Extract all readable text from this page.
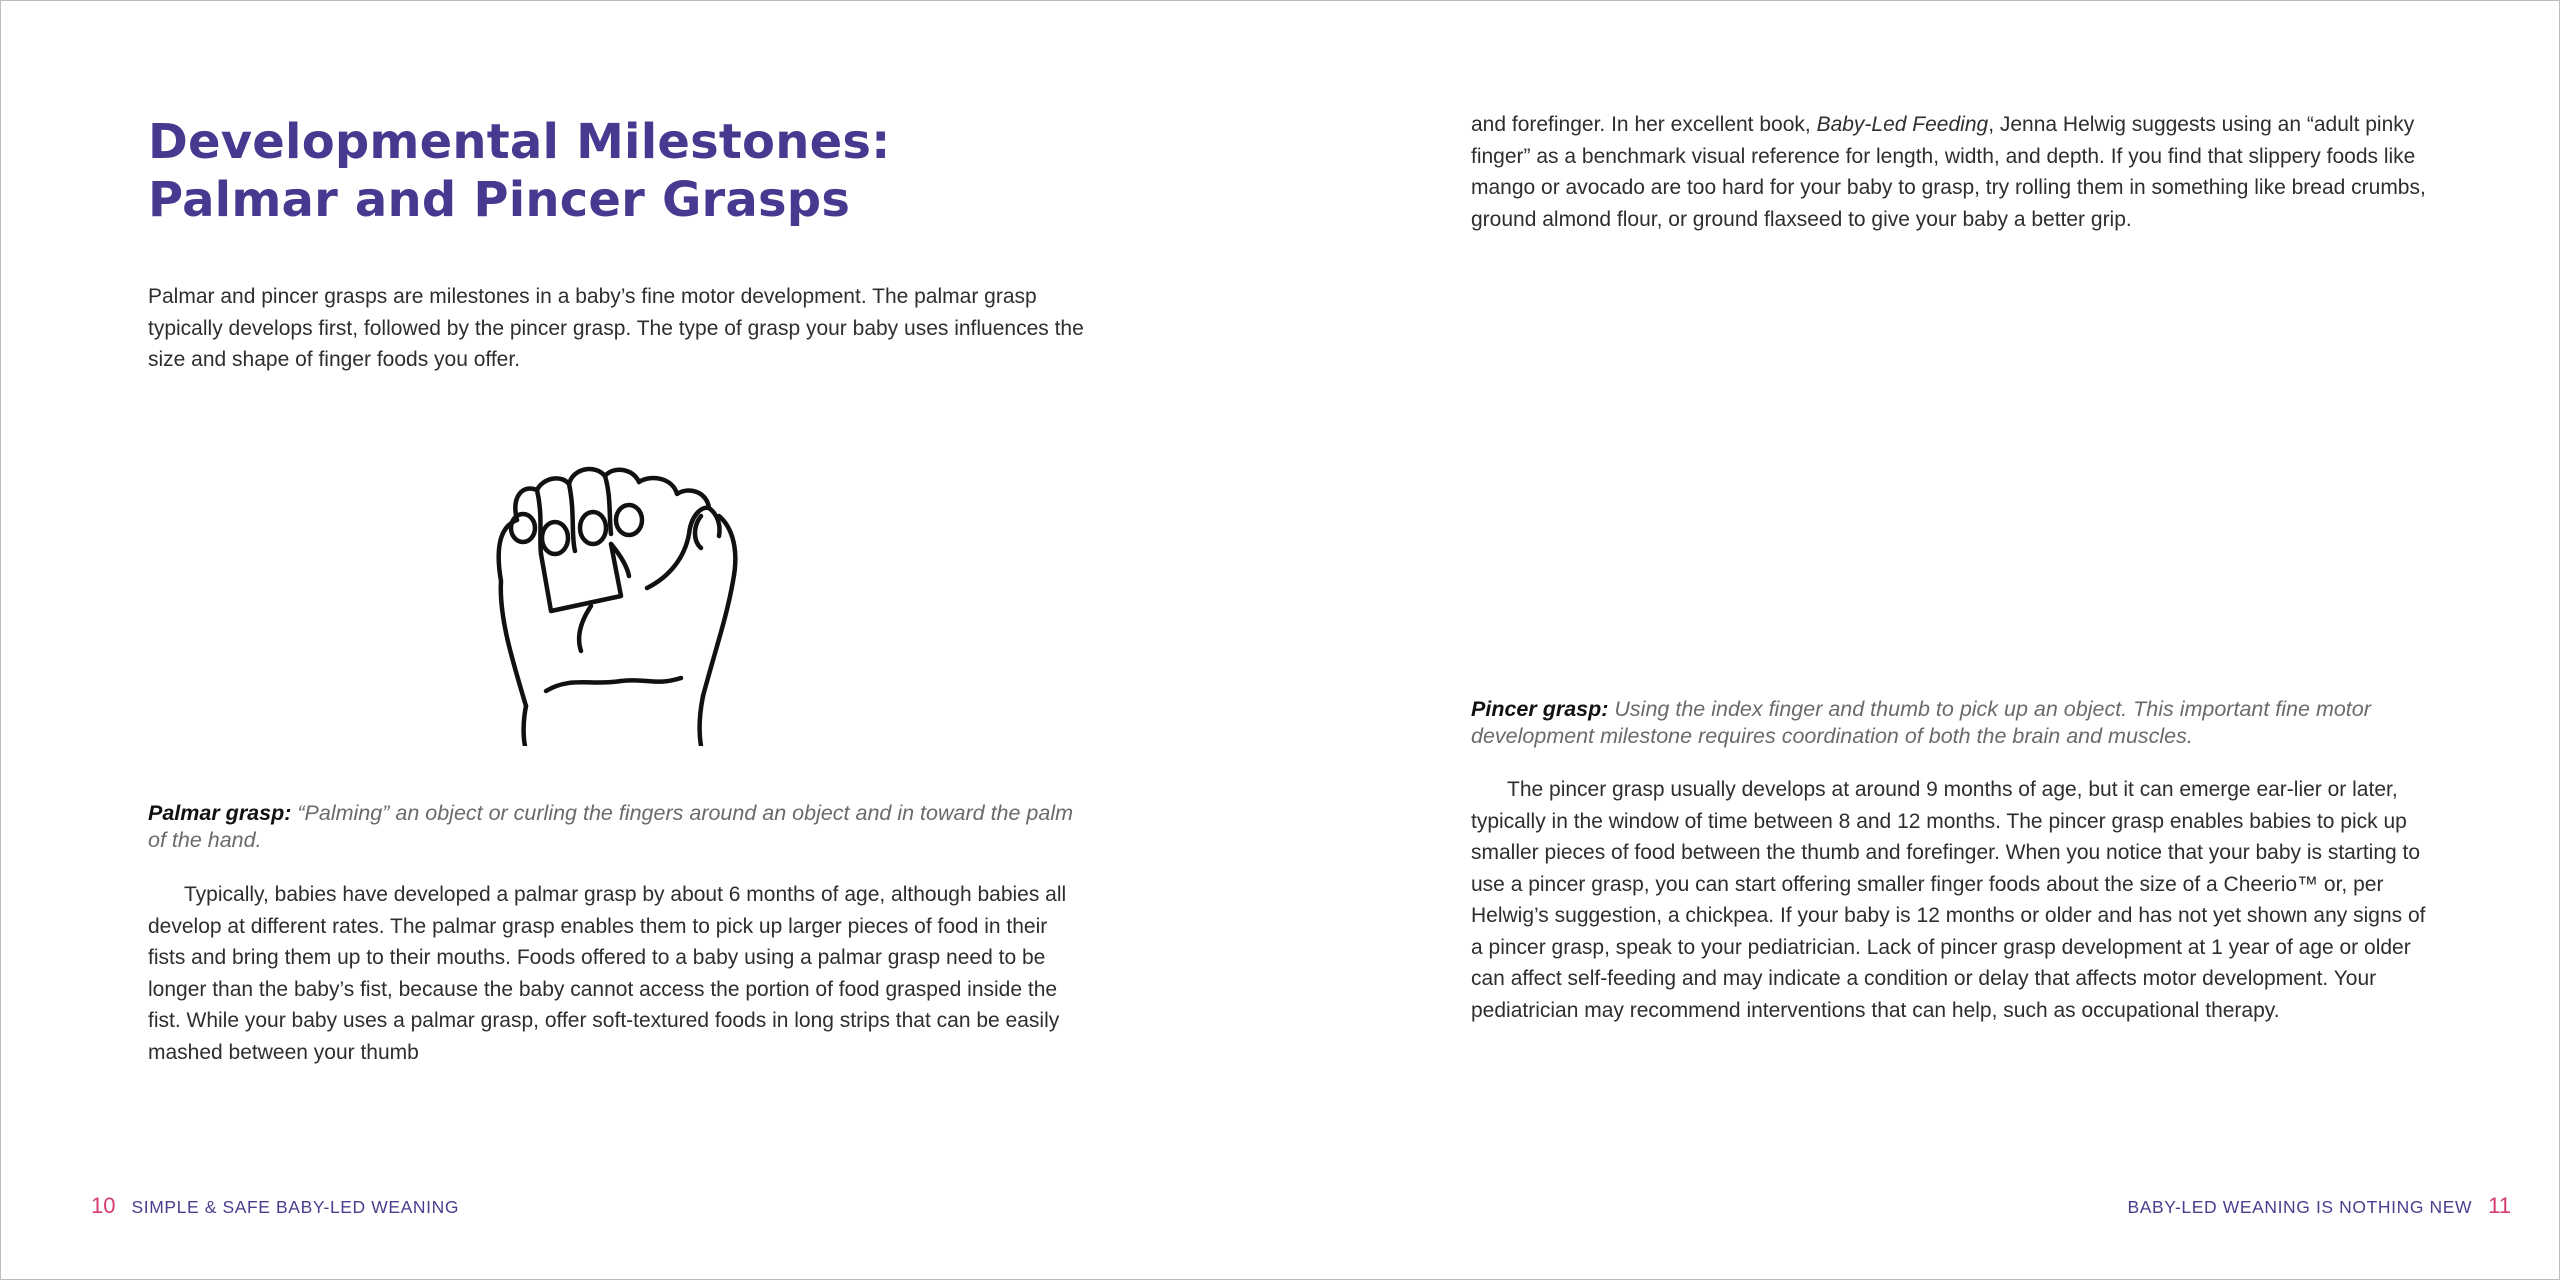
Developmental Milestones:
Palmar and Pincer Grasps

Palmar and pincer grasps are milestones in a baby’s fine motor development. The palmar grasp typically develops first, followed by the pincer grasp. The type of grasp your baby uses influences the size and shape of finger foods you offer.

Palmar grasp: “Palming” an object or curling the fingers around an object and in toward the palm of the hand.

Typically, babies have developed a palmar grasp by about 6 months of age, although babies all develop at different rates. The palmar grasp enables them to pick up larger pieces of food in their fists and bring them up to their mouths. Foods offered to a baby using a palmar grasp need to be longer than the baby’s fist, because the baby cannot access the portion of food grasped inside the fist. While your baby uses a palmar grasp, offer soft-textured foods in long strips that can be easily mashed between your thumb

10 SIMPLE & SAFE BABY-LED WEANING

and forefinger. In her excellent book, Baby-Led Feeding, Jenna Helwig suggests using an “adult pinky finger” as a benchmark visual reference for length, width, and depth. If you find that slippery foods like mango or avocado are too hard for your baby to grasp, try rolling them in something like bread crumbs, ground almond flour, or ground flaxseed to give your baby a better grip.

Pincer grasp: Using the index finger and thumb to pick up an object. This important fine motor development milestone requires coordination of both the brain and muscles.

The pincer grasp usually develops at around 9 months of age, but it can emerge ear-lier or later, typically in the window of time between 8 and 12 months. The pincer grasp enables babies to pick up smaller pieces of food between the thumb and forefinger. When you notice that your baby is starting to use a pincer grasp, you can start offering smaller finger foods about the size of a Cheerio™ or, per Helwig’s suggestion, a chickpea. If your baby is 12 months or older and has not yet shown any signs of a pincer grasp, speak to your pediatrician. Lack of pincer grasp development at 1 year of age or older can affect self-feeding and may indicate a condition or delay that affects motor development. Your pediatrician may recommend interventions that can help, such as occupational therapy.

BABY-LED WEANING IS NOTHING NEW 11
